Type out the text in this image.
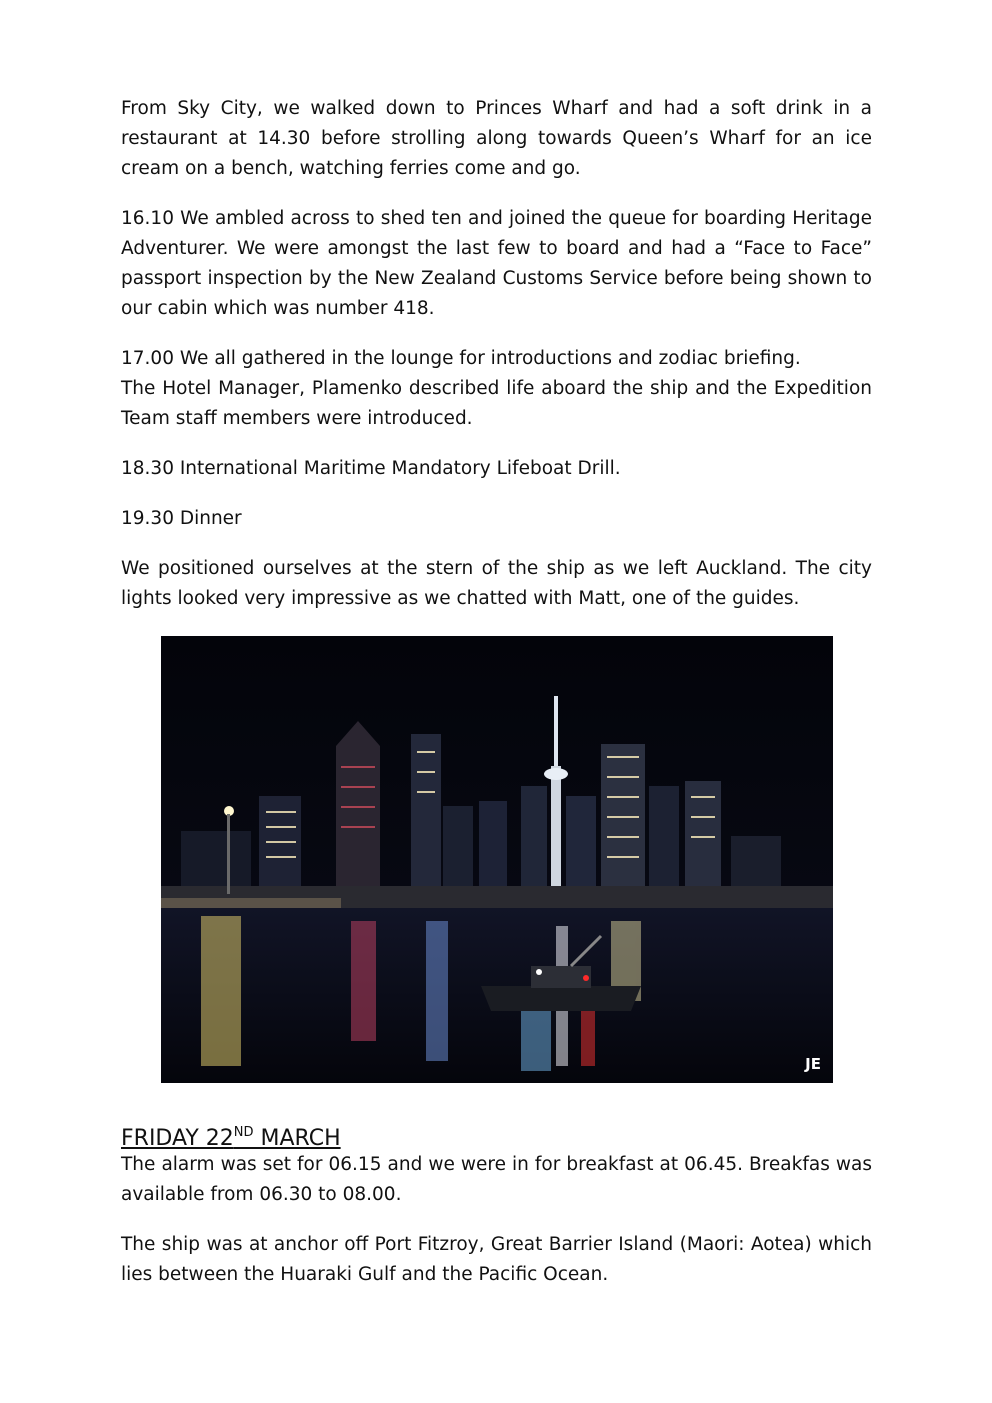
From Sky City, we walked down to Princes Wharf and had a soft drink in a restaurant at 14.30 before strolling along towards Queen’s Wharf for an ice cream on a bench, watching ferries come and go.

16.10 We ambled across to shed ten and joined the queue for boarding Heritage Adventurer. We were amongst the last few to board and had a “Face to Face” passport inspection by the New Zealand Customs Service before being shown to our cabin which was number 418.

17.00 We all gathered in the lounge for introductions and zodiac briefing.
The Hotel Manager, Plamenko described life aboard the ship and the Expedition Team staff members were introduced.

18.30 International Maritime Mandatory Lifeboat Drill.

19.30 Dinner

We positioned ourselves at the stern of the ship as we left Auckland. The city lights looked very impressive as we chatted with Matt, one of the guides.

JE
FRIDAY 22ND MARCH

The alarm was set for 06.15 and we were in for breakfast at 06.45. Breakfas was available from 06.30 to 08.00.

The ship was at anchor off Port Fitzroy, Great Barrier Island (Maori: Aotea) which lies between the Huaraki Gulf and the Pacific Ocean.
